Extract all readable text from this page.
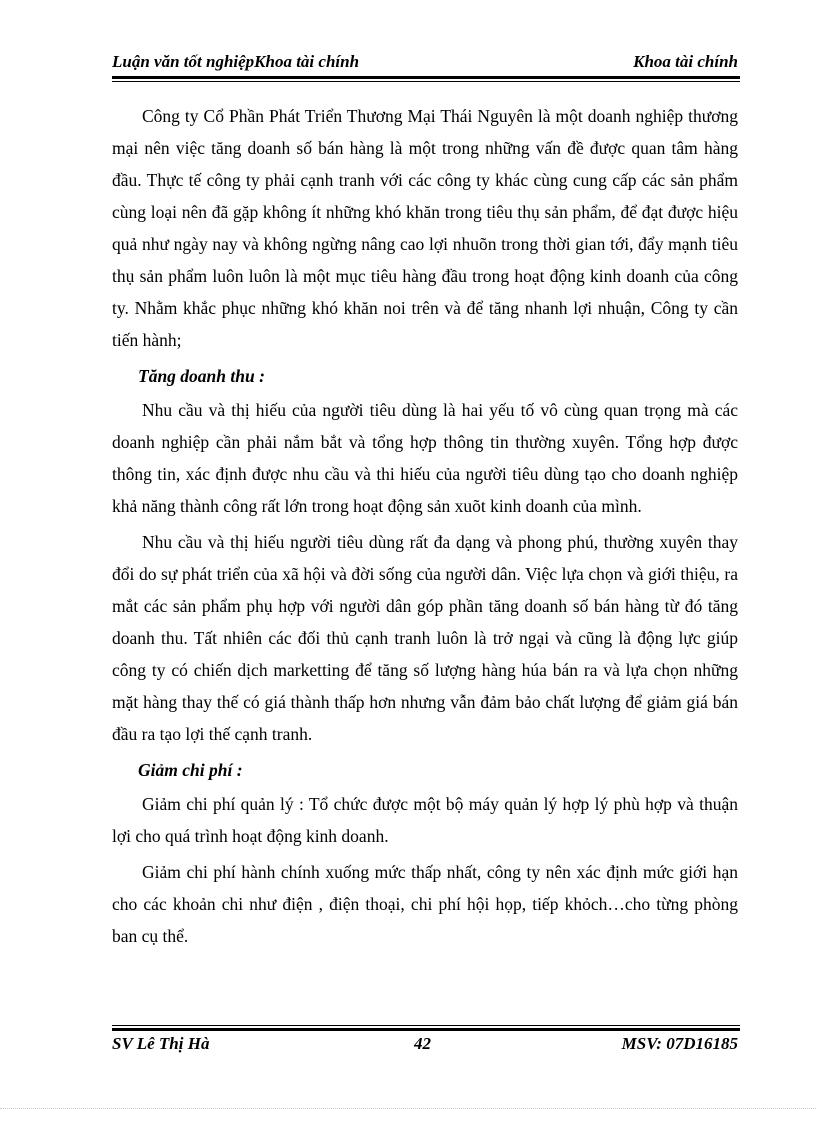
Luận văn tốt nghiệpKhoa tài chính	Khoa tài chính

Công ty Cổ Phần Phát Triển Thương Mại Thái Nguyên là một doanh nghiệp thương mại nên việc tăng doanh số bán hàng là một trong những vấn đề được quan tâm hàng đầu. Thực tế công ty phải cạnh tranh với các công ty khác cùng cung cấp các sản phẩm cùng loại nên đã gặp không ít những khó khăn trong tiêu thụ sản phẩm, để đạt được hiệu quả như ngày nay và không ngừng nâng cao lợi nhuõn trong thời gian tới, đẩy mạnh tiêu thụ sản phẩm luôn luôn là một mục tiêu hàng đầu trong hoạt động kinh doanh của công ty. Nhằm khắc phục những khó khăn noi trên và để tăng nhanh lợi nhuận, Công ty cần tiến hành;

Tăng doanh thu :

Nhu cầu và thị hiếu của người tiêu dùng là hai yếu tố vô cùng quan trọng mà các doanh nghiệp cần phải nắm bắt và tổng hợp thông tin thường xuyên. Tổng hợp được thông tin, xác định được nhu cầu và thi hiếu của người tiêu dùng tạo cho doanh nghiệp khả năng thành công rất lớn trong hoạt động sản xuõt kinh doanh của mình.

Nhu cầu và thị hiếu người tiêu dùng rất đa dạng và phong phú, thường xuyên thay đổi do sự phát triển của xã hội và đời sống của người dân. Việc lựa chọn và giới thiệu, ra mắt các sản phẩm phụ hợp với người dân góp phần tăng doanh số bán hàng từ đó tăng doanh thu. Tất nhiên các đối thủ cạnh tranh luôn là trở ngại và cũng là động lực giúp công ty có chiến dịch marketting để tăng số lượng hàng húa bán ra và lựa chọn những mặt hàng thay thế có giá thành thấp hơn nhưng vẫn đảm bảo chất lượng để giảm giá bán đầu ra tạo lợi thế cạnh tranh.

Giảm chi phí :

Giảm chi phí quản lý : Tổ chức được một bộ máy quản lý hợp lý phù hợp và thuận lợi cho quá trình hoạt động kinh doanh.

Giảm chi phí hành chính xuống mức thấp nhất, công ty nên xác định mức giới hạn cho các khoản chi như điện , điện thoại, chi phí hội họp, tiếp khỏch…cho từng phòng ban cụ thể.

SV Lê Thị Hà	42	MSV: 07D16185
